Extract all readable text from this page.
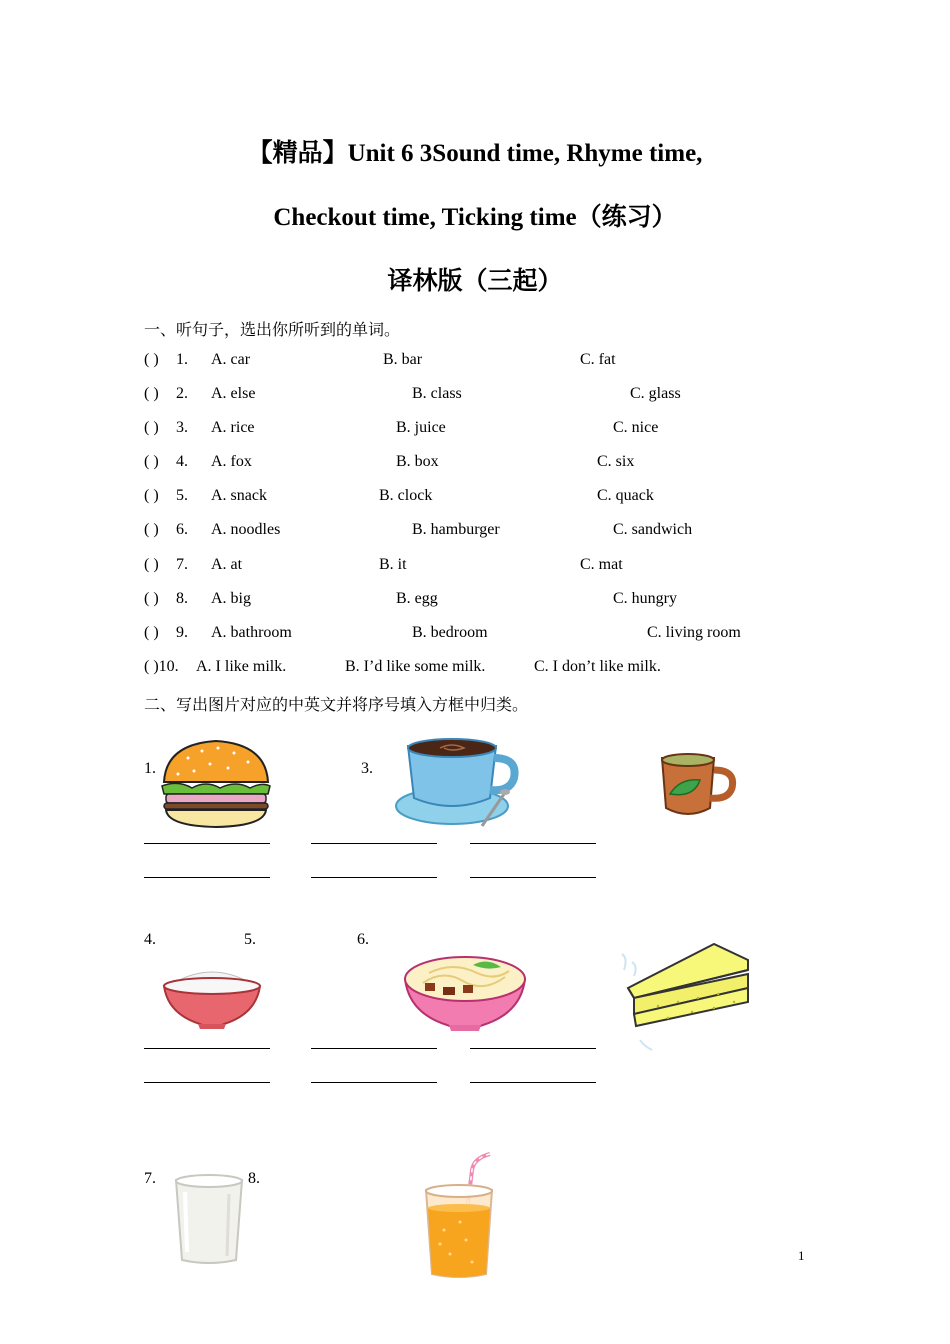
【精品】Unit 6 3Sound time, Rhyme time,
Checkout time, Ticking time（练习）
译林版（三起）
一、听句子，选出你所听到的单词。
( ) 1. A. car	B. bar	C. fat
( ) 2. A. else	B. class	C. glass
( ) 3. A. rice	B. juice	C. nice
( ) 4. A. fox	B. box	C. six
( ) 5. A. snack	B. clock	C. quack
( ) 6. A. noodles	B. hamburger	C. sandwich
( ) 7. A. at	B. it	C. mat
( ) 8. A. big	B. egg	C. hungry
( ) 9. A. bathroom	B. bedroom	C. living room
( )10. A. I like milk.	B. I’d like some milk.	C. I don’t like milk.
二、写出图片对应的中英文并将序号填入方框中归类。
1.	3.
4.	5.	6.
7.	8.
1
